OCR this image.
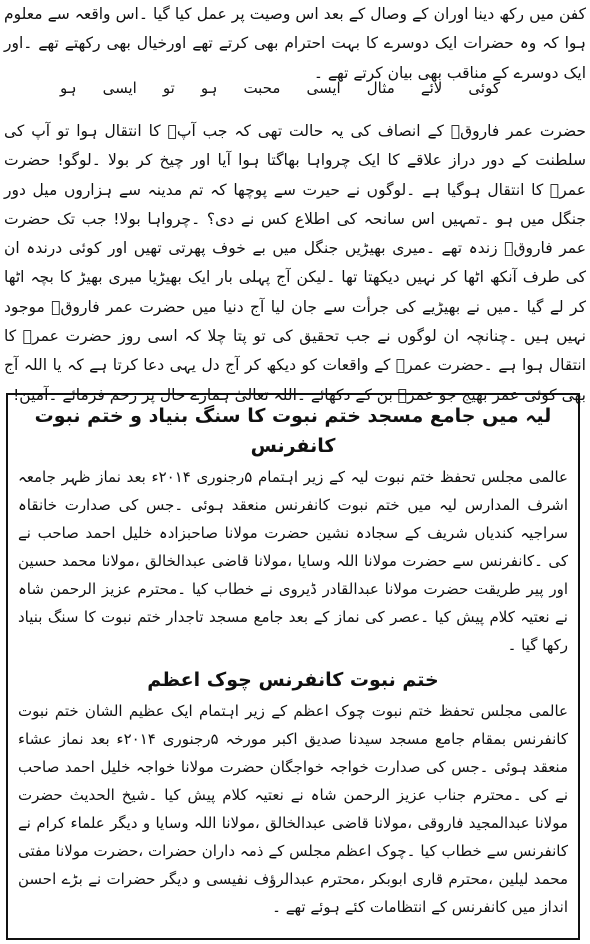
کفن میں رکھ دینا اوران کے وصال کے بعد اس وصیت پر عمل کیا گیا ۔اس واقعہ سے معلوم ہوا کہ وہ حضرات ایک دوسرے کا بہت احترام بھی کرتے تھے اورخیال بھی رکھتے تھے ۔اور ایک دوسرے کے مناقب بھی بیان کرتے تھے ۔

کوئی
لائے
مثال
ایسی
محبت
ہو
تو
ایسی
ہو

حضرت عمر فاروقؓ کے انصاف کی یہ حالت تھی کہ جب آپؓ کا انتقال ہوا تو آپ کی سلطنت کے دور دراز علاقے کا ایک چرواہا بھاگتا ہوا آیا اور چیخ کر بولا ۔لوگو! حضرت عمرؓ کا انتقال ہوگیا ہے ۔لوگوں نے حیرت سے پوچھا کہ تم مدینہ سے ہزاروں میل دور جنگل میں ہو ۔تمہیں اس سانحہ کی اطلاع کس نے دی؟ ۔چرواہا بولا! جب تک حضرت عمر فاروقؓ زندہ تھے ۔میری بھیڑیں جنگل میں بے خوف پھرتی تھیں اور کوئی درندہ ان کی طرف آنکھ اٹھا کر نہیں دیکھتا تھا ۔لیکن آج پہلی بار ایک بھیڑیا میری بھیڑ کا بچہ اٹھا کر لے گیا ۔میں نے بھیڑیے کی جرأت سے جان لیا آج دنیا میں حضرت عمر فاروقؓ موجود نہیں ہیں ۔چنانچہ ان لوگوں نے جب تحقیق کی تو پتا چلا کہ اسی روز حضرت عمرؓ کا انتقال ہوا ہے ۔حضرت عمرؓ کے واقعات کو دیکھ کر آج دل یہی دعا کرتا ہے کہ یا اللہ آج بھی کوئی عمر بھیج جو عمرؓ بن کے دکھائے ۔اللہ تعالیٰ ہمارے حال پر رحم فرمائے ۔آمین!

لیہ میں جامع مسجد ختم نبوت کا سنگ بنیاد و ختم نبوت کانفرنس

عالمی مجلس تحفظ ختم نبوت لیہ کے زیر اہتمام ۵رجنوری ۲۰۱۴ء بعد نماز ظہر جامعہ اشرف المدارس لیہ میں ختم نبوت کانفرنس منعقد ہوئی ۔جس کی صدارت خانقاہ سراجیہ کندیاں شریف کے سجادہ نشین حضرت مولانا صاحبزادہ خلیل احمد صاحب نے کی ۔کانفرنس سے حضرت مولانا اللہ وسایا ،مولانا قاضی عبدالخالق ،مولانا محمد حسین اور پیر طریقت حضرت مولانا عبدالقادر ڈیروی نے خطاب کیا ۔محترم عزیز الرحمن شاہ نے نعتیہ کلام پیش کیا ۔عصر کی نماز کے بعد جامع مسجد تاجدار ختم نبوت کا سنگ بنیاد رکھا گیا ۔

ختم نبوت کانفرنس چوک اعظم

عالمی مجلس تحفظ ختم نبوت چوک اعظم کے زیر اہتمام ایک عظیم الشان ختم نبوت کانفرنس بمقام جامع مسجد سیدنا صدیق اکبر مورخہ ۵رجنوری ۲۰۱۴ء بعد نماز عشاء منعقد ہوئی ۔جس کی صدارت خواجہ خواجگان حضرت مولانا خواجہ خلیل احمد صاحب نے کی ۔محترم جناب عزیز الرحمن شاہ نے نعتیہ کلام پیش کیا ۔شیخ الحدیث حضرت مولانا عبدالمجید فاروقی ،مولانا قاضی عبدالخالق ،مولانا اللہ وسایا و دیگر علماء کرام نے کانفرنس سے خطاب کیا ۔چوک اعظم مجلس کے ذمہ داران حضرات ،حضرت مولانا مفتی محمد لیلین ،محترم قاری ابوبکر ،محترم عبدالرؤف نفیسی و دیگر حضرات نے بڑے احسن انداز میں کانفرنس کے انتظامات کئے ہوئے تھے ۔
